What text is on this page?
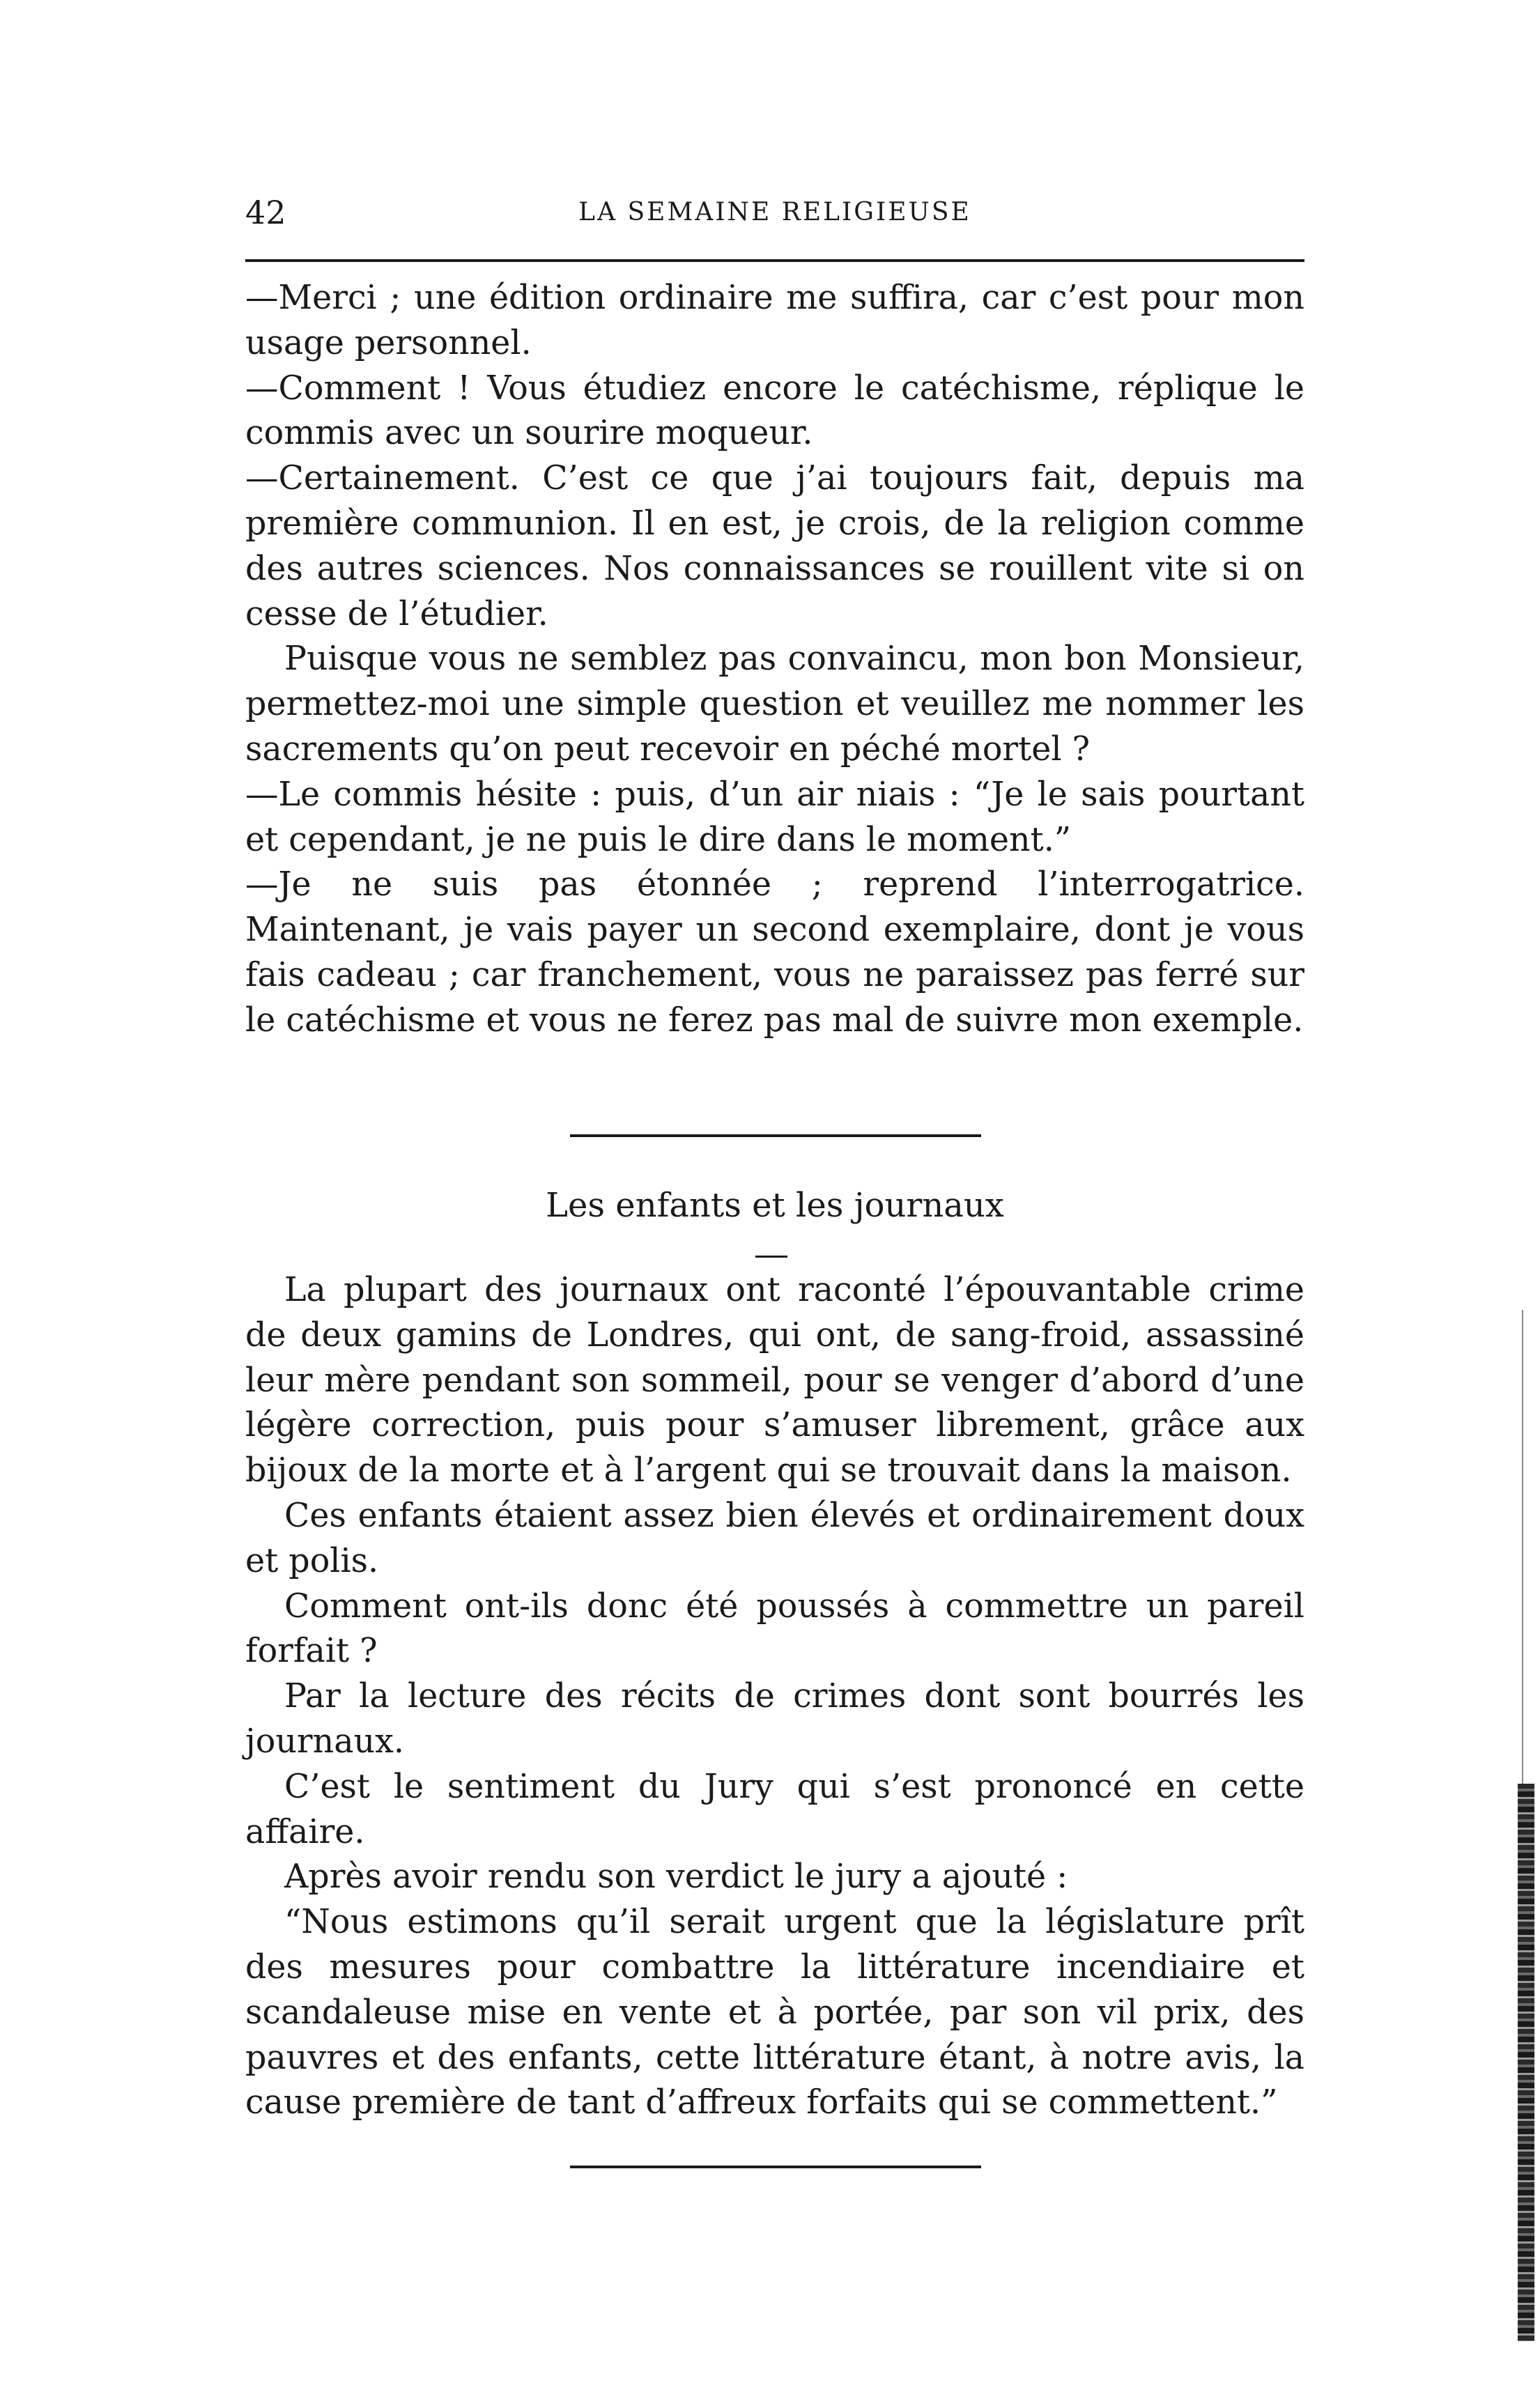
42	LA SEMAINE RELIGIEUSE

—Merci ; une édition ordinaire me suffira, car c’est pour mon usage personnel.

—Comment ! Vous étudiez encore le catéchisme, réplique le commis avec un sourire moqueur.

—Certainement. C’est ce que j’ai toujours fait, depuis ma première communion. Il en est, je crois, de la religion comme des autres sciences. Nos connaissances se rouillent vite si on cesse de l’étudier.

Puisque vous ne semblez pas convaincu, mon bon Monsieur, permettez-moi une simple question et veuillez me nommer les sacrements qu’on peut recevoir en péché mortel ?

—Le commis hésite : puis, d’un air niais : “Je le sais pourtant et cependant, je ne puis le dire dans le moment.”

—Je ne suis pas étonnée ; reprend l’interrogatrice. Maintenant, je vais payer un second exemplaire, dont je vous fais cadeau ; car franchement, vous ne paraissez pas ferré sur le catéchisme et vous ne ferez pas mal de suivre mon exemple.

Les enfants et les journaux

La plupart des journaux ont raconté l’épouvantable crime de deux gamins de Londres, qui ont, de sang-froid, assassiné leur mère pendant son sommeil, pour se venger d’abord d’une légère correction, puis pour s’amuser librement, grâce aux bijoux de la morte et à l’argent qui se trouvait dans la maison.

Ces enfants étaient assez bien élevés et ordinairement doux et polis.

Comment ont-ils donc été poussés à commettre un pareil forfait ?

Par la lecture des récits de crimes dont sont bourrés les journaux.

C’est le sentiment du Jury qui s’est prononcé en cette affaire.

Après avoir rendu son verdict le jury a ajouté :

“Nous estimons qu’il serait urgent que la législature prît des mesures pour combattre la littérature incendiaire et scandaleuse mise en vente et à portée, par son vil prix, des pauvres et des enfants, cette littérature étant, à notre avis, la cause première de tant d’affreux forfaits qui se commettent.”
